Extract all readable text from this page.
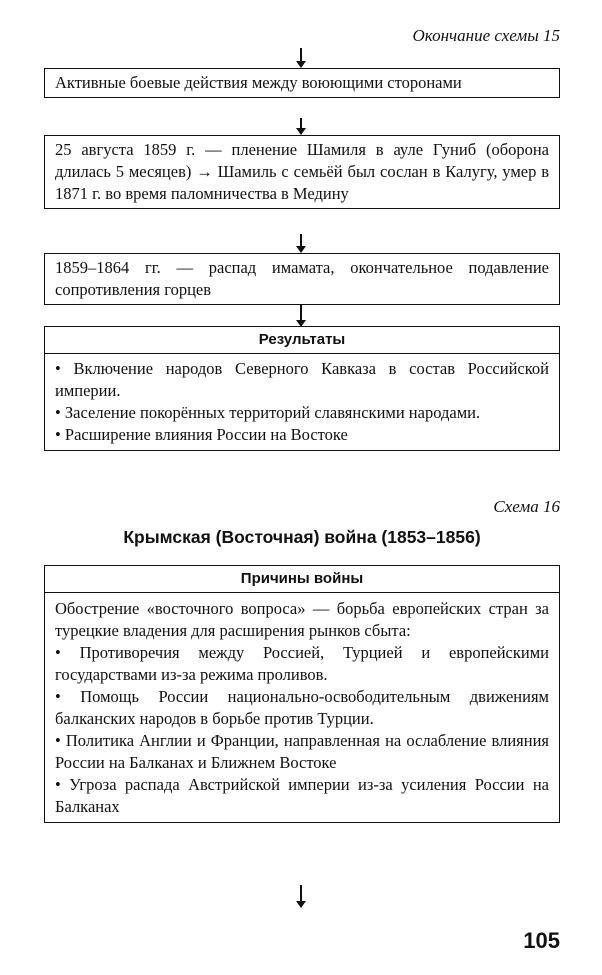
Окончание схемы 15
Активные боевые действия между воюющими сторонами
25 августа 1859 г. — пленение Шамиля в ауле Гуниб (оборона длилась 5 месяцев) → Шамиль с семьёй был сослан в Калугу, умер в 1871 г. во время паломничества в Медину
1859–1864 гг. — распад имамата, окончательное подавление сопротивления горцев
Результаты

• Включение народов Северного Кавказа в состав Российской империи.

• Заселение покорённых территорий славянскими народами.

• Расширение влияния России на Востоке

Схема 16
Крымская (Восточная) война (1853–1856)
Причины войны

Обострение «восточного вопроса» — борьба европейских стран за турецкие владения для расширения рынков сбыта:

• Противоречия между Россией, Турцией и европейскими государствами из-за режима проливов.

• Помощь России национально-освободительным движениям балканских народов в борьбе против Турции.

• Политика Англии и Франции, направленная на ослабление влияния России на Балканах и Ближнем Востоке

• Угроза распада Австрийской империи из-за усиления России на Балканах

105
